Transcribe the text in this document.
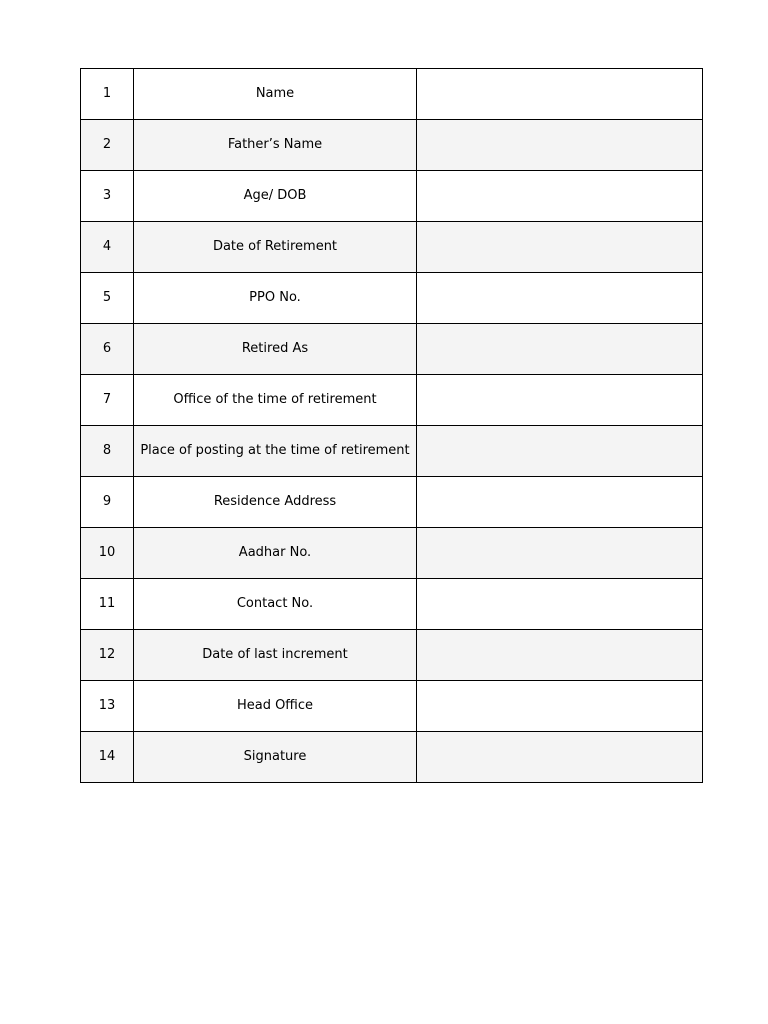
1	Name	
2	Father’s Name	
3	Age/ DOB	
4	Date of Retirement	
5	PPO No.	
6	Retired As	
7	Office of the time of retirement	
8	Place of posting at the time of retirement	
9	Residence Address	
10	Aadhar No.	
11	Contact No.	
12	Date of last increment	
13	Head Office	
14	Signature	
